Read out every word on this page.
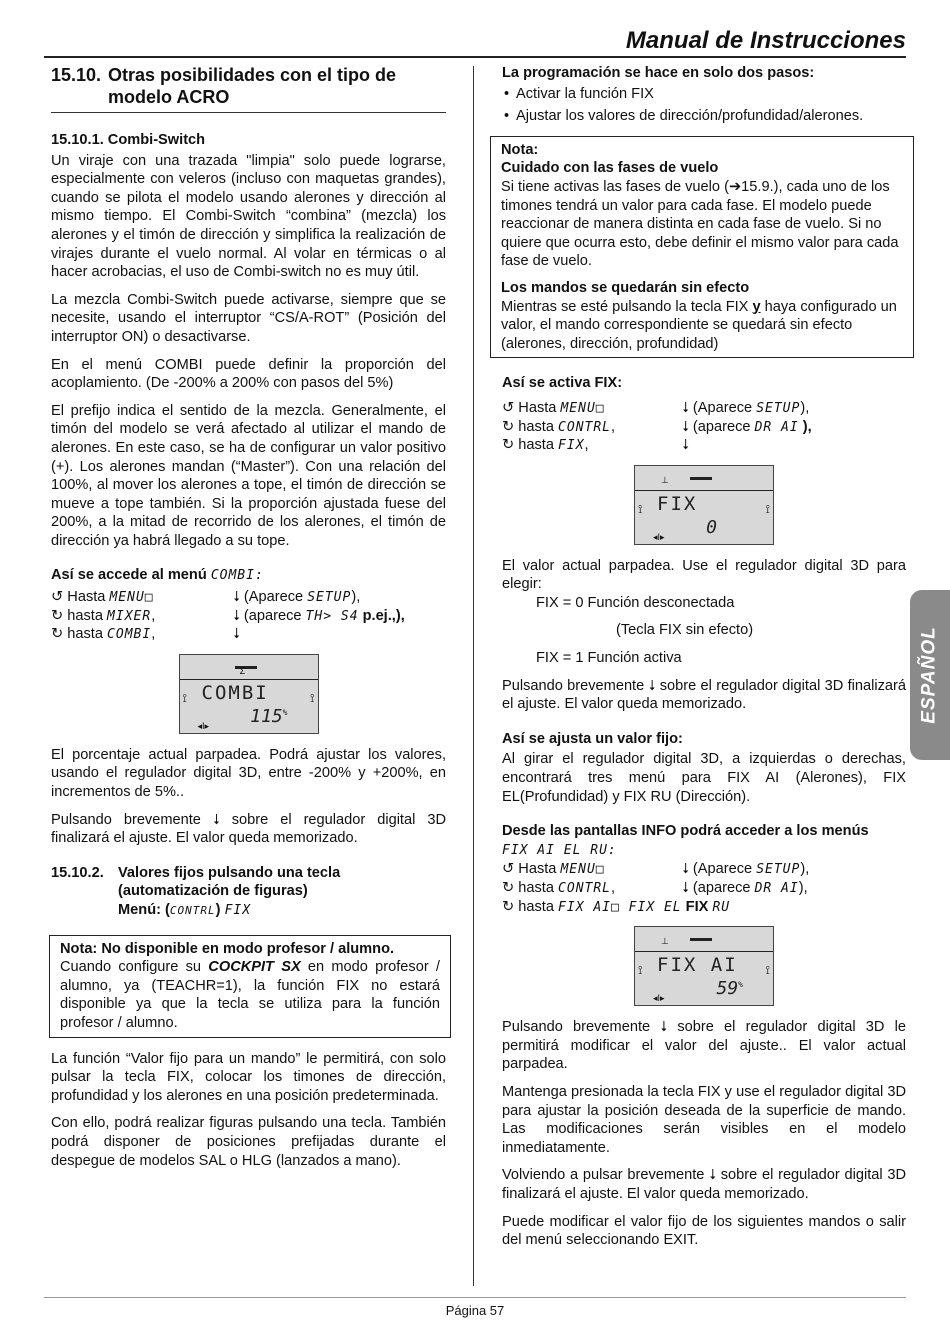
Manual de Instrucciones
15.10. Otras posibilidades con el tipo de
modelo ACRO
15.10.1. Combi-Switch

Un viraje con una trazada "limpia" solo puede lograrse, especialmente con veleros (incluso con maquetas grandes), cuando se pilota el modelo usando alerones y dirección al mismo tiempo. El Combi-Switch “combina” (mezcla) los alerones y el timón de dirección y simplifica la realización de virajes durante el vuelo normal. Al volar en térmicas o al hacer acrobacias, el uso de Combi-switch no es muy útil.

La mezcla Combi-Switch puede activarse, siempre que se necesite, usando el interruptor “CS/A-ROT” (Posición del interruptor ON) o desactivarse.

En el menú COMBI puede definir la proporción del acoplamiento. (De -200% a 200% con pasos del 5%)

El prefijo indica el sentido de la mezcla. Generalmente, el timón del modelo se verá afectado al utilizar el mando de alerones. En este caso, se ha de configurar un valor positivo (+). Los alerones mandan (“Master”). Con una relación del 100%, al mover los alerones a tope, el timón de dirección se mueve a tope también. Si la proporción ajustada fuese del 200%, a la mitad de recorrido de los alerones, el timón de dirección ya habrá llegado a su tope.

Así se accede al menú COMBI:
↺ Hasta MENU□	⭣ (Aparece SETUP),
↻ hasta MIXER,	⭣ (aparece TH> S4 p.ej.,),
↻ hasta COMBI,	⭣
Σ
COMBI
⟟	⟟
115%
◂I▸

El porcentaje actual parpadea. Podrá ajustar los valores, usando el regulador digital 3D, entre -200% y +200%, en incrementos de 5%..

Pulsando brevemente ⭣ sobre el regulador digital 3D finalizará el ajuste. El valor queda memorizado.

15.10.2. Valores fijos pulsando una tecla
(automatización de figuras)
Menú: (CONTRL) FIX
Nota: No disponible en modo profesor / alumno.
Cuando configure su COCKPIT SX en modo profesor / alumno, ya (TEACHR=1), la función FIX no estará disponible ya que la tecla se utiliza para la función profesor / alumno.

La función “Valor fijo para un mando” le permitirá, con solo pulsar la tecla FIX, colocar los timones de dirección, profundidad y los alerones en una posición predeterminada.

Con ello, podrá realizar figuras pulsando una tecla. También podrá disponer de posiciones prefijadas durante el despegue de modelos SAL o HLG (lanzados a mano).

La programación se hace en solo dos pasos:
• Activar la función FIX
• Ajustar los valores de dirección/profundidad/alerones.
Nota:
Cuidado con las fases de vuelo
Si tiene activas las fases de vuelo (➔15.9.), cada uno de los timones tendrá un valor para cada fase. El modelo puede reaccionar de manera distinta en cada fase de vuelo. Si no quiere que ocurra esto, debe definir el mismo valor para cada fase de vuelo.
Los mandos se quedarán sin efecto
Mientras se esté pulsando la tecla FIX y haya configurado un valor, el mando correspondiente se quedará sin efecto (alerones, dirección, profundidad)
Así se activa FIX:
↺ Hasta MENU□	⭣ (Aparece SETUP),
↻ hasta CONTRL,	⭣ (aparece DR AI ),
↻ hasta FIX,	⭣
⊥
FIX
⟟	⟟
0
◂I▸

El valor actual parpadea. Use el regulador digital 3D para elegir:

FIX = 0 Función desconectada

(Tecla FIX sin efecto)

FIX = 1 Función activa

Pulsando brevemente ⭣ sobre el regulador digital 3D finalizará el ajuste. El valor queda memorizado.

Así se ajusta un valor fijo:

Al girar el regulador digital 3D, a izquierdas o derechas, encontrará tres menú para FIX AI (Alerones), FIX EL(Profundidad) y FIX RU (Dirección).

Desde las pantallas INFO podrá acceder a los menús
FIX AI EL RU:
↺ Hasta MENU□	⭣ (Aparece SETUP),
↻ hasta CONTRL,	⭣ (aparece DR AI),
↻ hasta FIX AI□ FIX EL FIX RU
⊥
FIX AI
⟟	⟟
59%
◂I▸

Pulsando brevemente ⭣ sobre el regulador digital 3D le permitirá modificar el valor del ajuste.. El valor actual parpadea.

Mantenga presionada la tecla FIX y use el regulador digital 3D para ajustar la posición deseada de la superficie de mando. Las modificaciones serán visibles en el modelo inmediatamente.

Volviendo a pulsar brevemente ⭣ sobre el regulador digital 3D finalizará el ajuste. El valor queda memorizado.

Puede modificar el valor fijo de los siguientes mandos o salir del menú seleccionando EXIT.

ESPAÑOL
Página 57
